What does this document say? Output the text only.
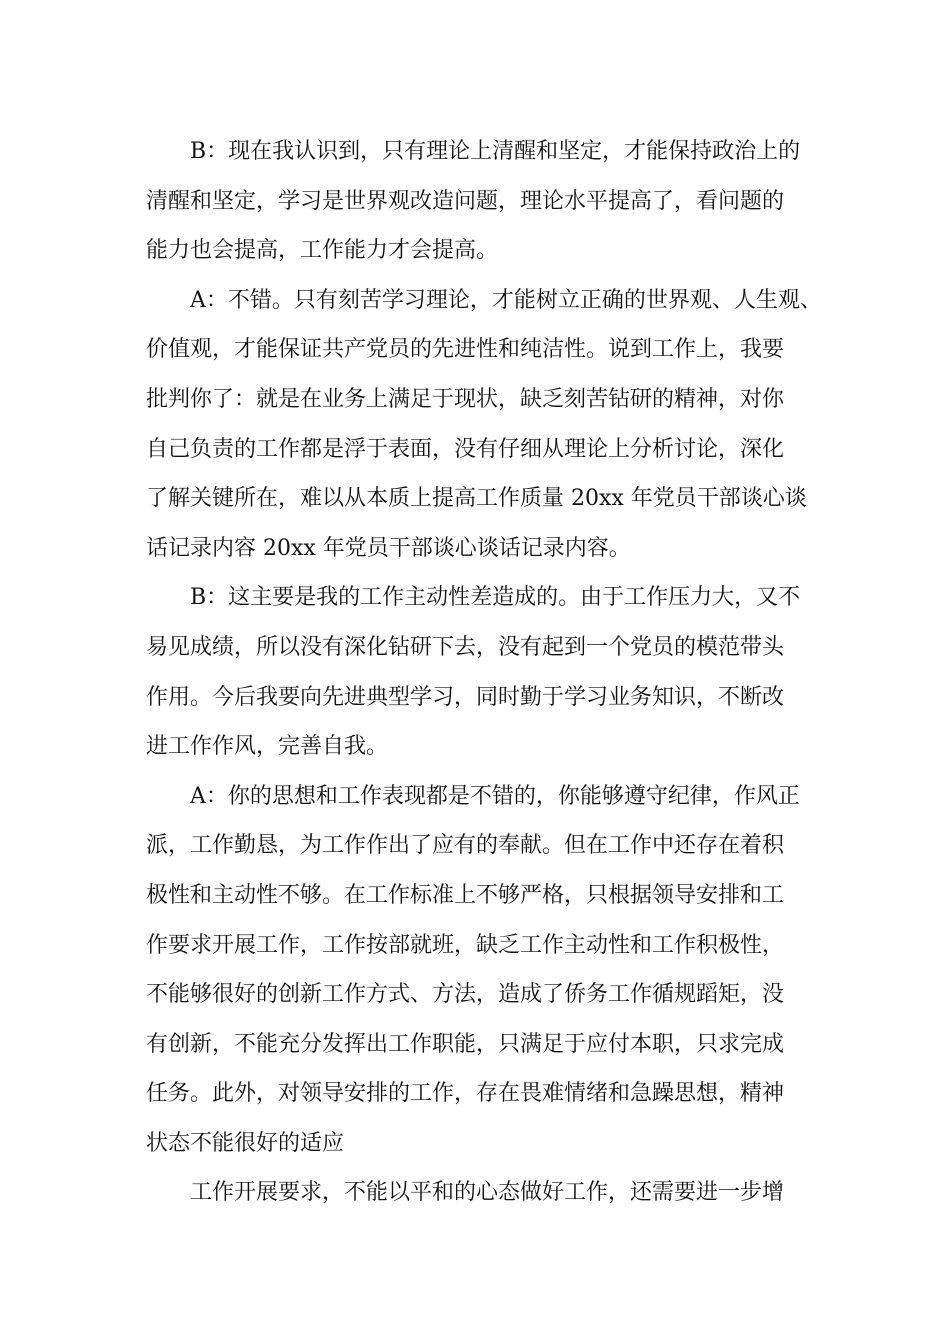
B：现在我认识到，只有理论上清醒和坚定，才能保持政治上的
清醒和坚定，学习是世界观改造问题，理论水平提高了，看问题的
能力也会提高，工作能力才会提高。
A：不错。只有刻苦学习理论，才能树立正确的世界观、人生观、
价值观，才能保证共产党员的先进性和纯洁性。说到工作上，我要
批判你了：就是在业务上满足于现状，缺乏刻苦钻研的精神，对你
自己负责的工作都是浮于表面，没有仔细从理论上分析讨论，深化
了解关键所在，难以从本质上提高工作质量 20xx 年党员干部谈心谈
话记录内容 20xx 年党员干部谈心谈话记录内容。
B：这主要是我的工作主动性差造成的。由于工作压力大，又不
易见成绩，所以没有深化钻研下去，没有起到一个党员的模范带头
作用。今后我要向先进典型学习，同时勤于学习业务知识，不断改
进工作作风，完善自我。
A：你的思想和工作表现都是不错的，你能够遵守纪律，作风正
派，工作勤恳，为工作作出了应有的奉献。但在工作中还存在着积
极性和主动性不够。在工作标准上不够严格，只根据领导安排和工
作要求开展工作，工作按部就班，缺乏工作主动性和工作积极性，
不能够很好的创新工作方式、方法，造成了侨务工作循规蹈矩，没
有创新，不能充分发挥出工作职能，只满足于应付本职，只求完成
任务。此外，对领导安排的工作，存在畏难情绪和急躁思想，精神
状态不能很好的适应
工作开展要求，不能以平和的心态做好工作，还需要进一步增
